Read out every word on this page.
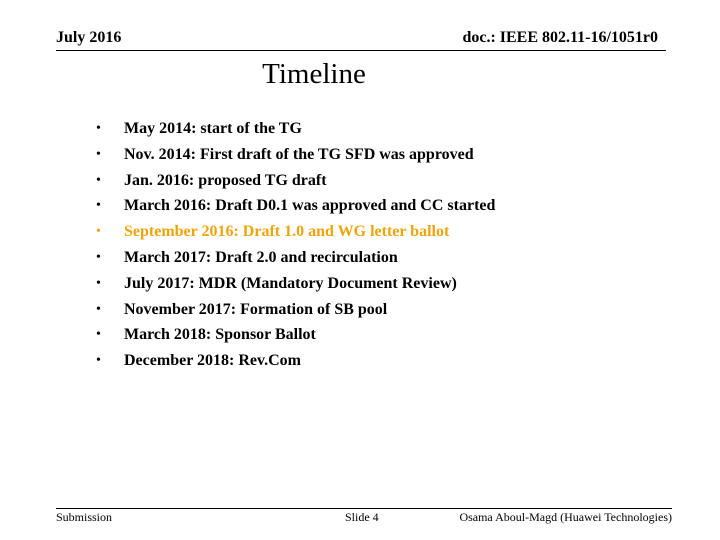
July 2016	doc.: IEEE 802.11-16/1051r0
Timeline
•	May 2014: start of the TG
•	Nov. 2014: First draft of the TG SFD was approved
•	Jan. 2016: proposed TG draft
•	March 2016: Draft D0.1 was approved and CC started
•	September 2016: Draft 1.0 and WG letter ballot
•	March 2017: Draft 2.0 and recirculation
•	July 2017: MDR (Mandatory Document Review)
•	November 2017: Formation of SB pool
•	March 2018: Sponsor Ballot
•	December 2018: Rev.Com
Submission	Slide 4	Osama Aboul-Magd (Huawei Technologies)
